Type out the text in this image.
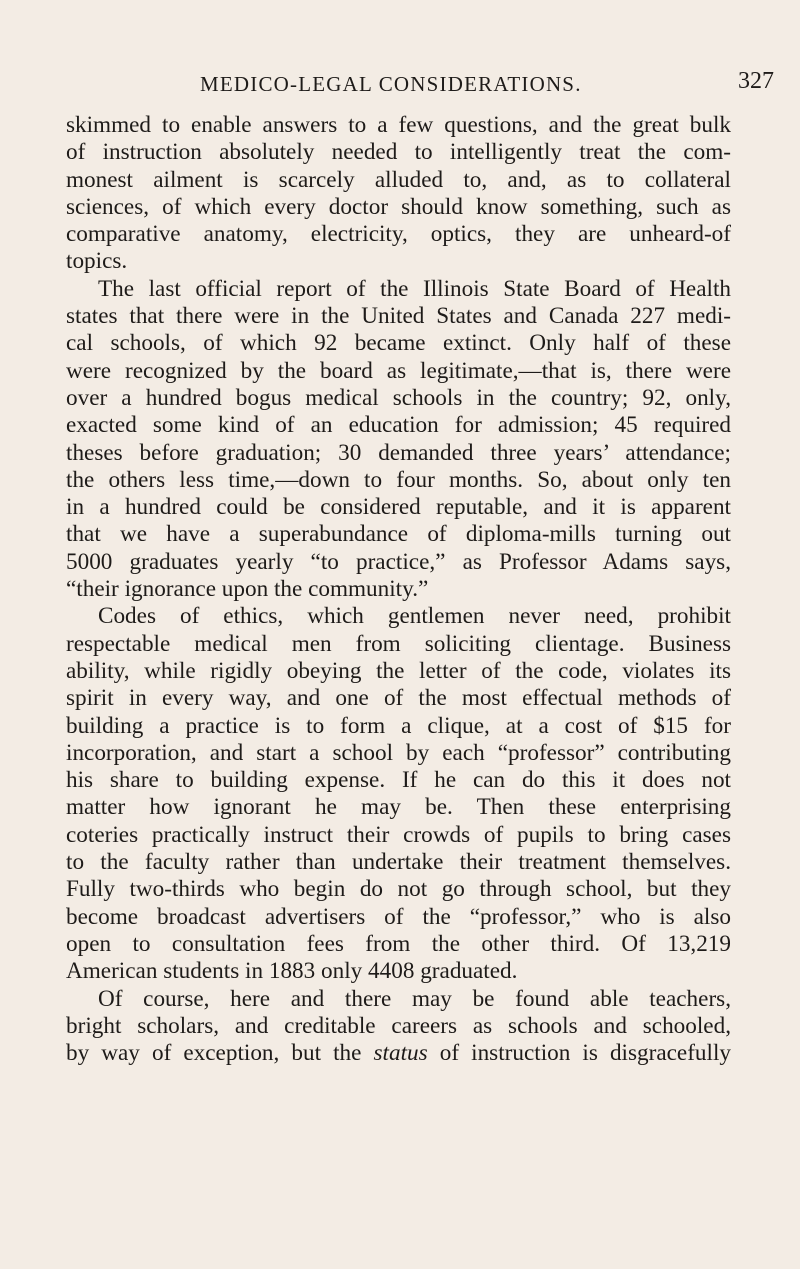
MEDICO-LEGAL CONSIDERATIONS.	327
skimmed to enable answers to a few questions, and the great bulk
of instruction absolutely needed to intelligently treat the com-
monest ailment is scarcely alluded to, and, as to collateral
sciences, of which every doctor should know something, such as
comparative anatomy, electricity, optics, they are unheard-of
topics.
The last official report of the Illinois State Board of Health
states that there were in the United States and Canada 227 medi-
cal schools, of which 92 became extinct. Only half of these
were recognized by the board as legitimate,—that is, there were
over a hundred bogus medical schools in the country; 92, only,
exacted some kind of an education for admission; 45 required
theses before graduation; 30 demanded three years’ attendance;
the others less time,—down to four months. So, about only ten
in a hundred could be considered reputable, and it is apparent
that we have a superabundance of diploma-mills turning out
5000 graduates yearly “to practice,” as Professor Adams says,
“their ignorance upon the community.”
Codes of ethics, which gentlemen never need, prohibit
respectable medical men from soliciting clientage. Business
ability, while rigidly obeying the letter of the code, violates its
spirit in every way, and one of the most effectual methods of
building a practice is to form a clique, at a cost of $15 for
incorporation, and start a school by each “professor” contributing
his share to building expense. If he can do this it does not
matter how ignorant he may be. Then these enterprising
coteries practically instruct their crowds of pupils to bring cases
to the faculty rather than undertake their treatment themselves.
Fully two-thirds who begin do not go through school, but they
become broadcast advertisers of the “professor,” who is also
open to consultation fees from the other third. Of 13,219
American students in 1883 only 4408 graduated.
Of course, here and there may be found able teachers,
bright scholars, and creditable careers as schools and schooled,
by way of exception, but the status of instruction is disgracefully
